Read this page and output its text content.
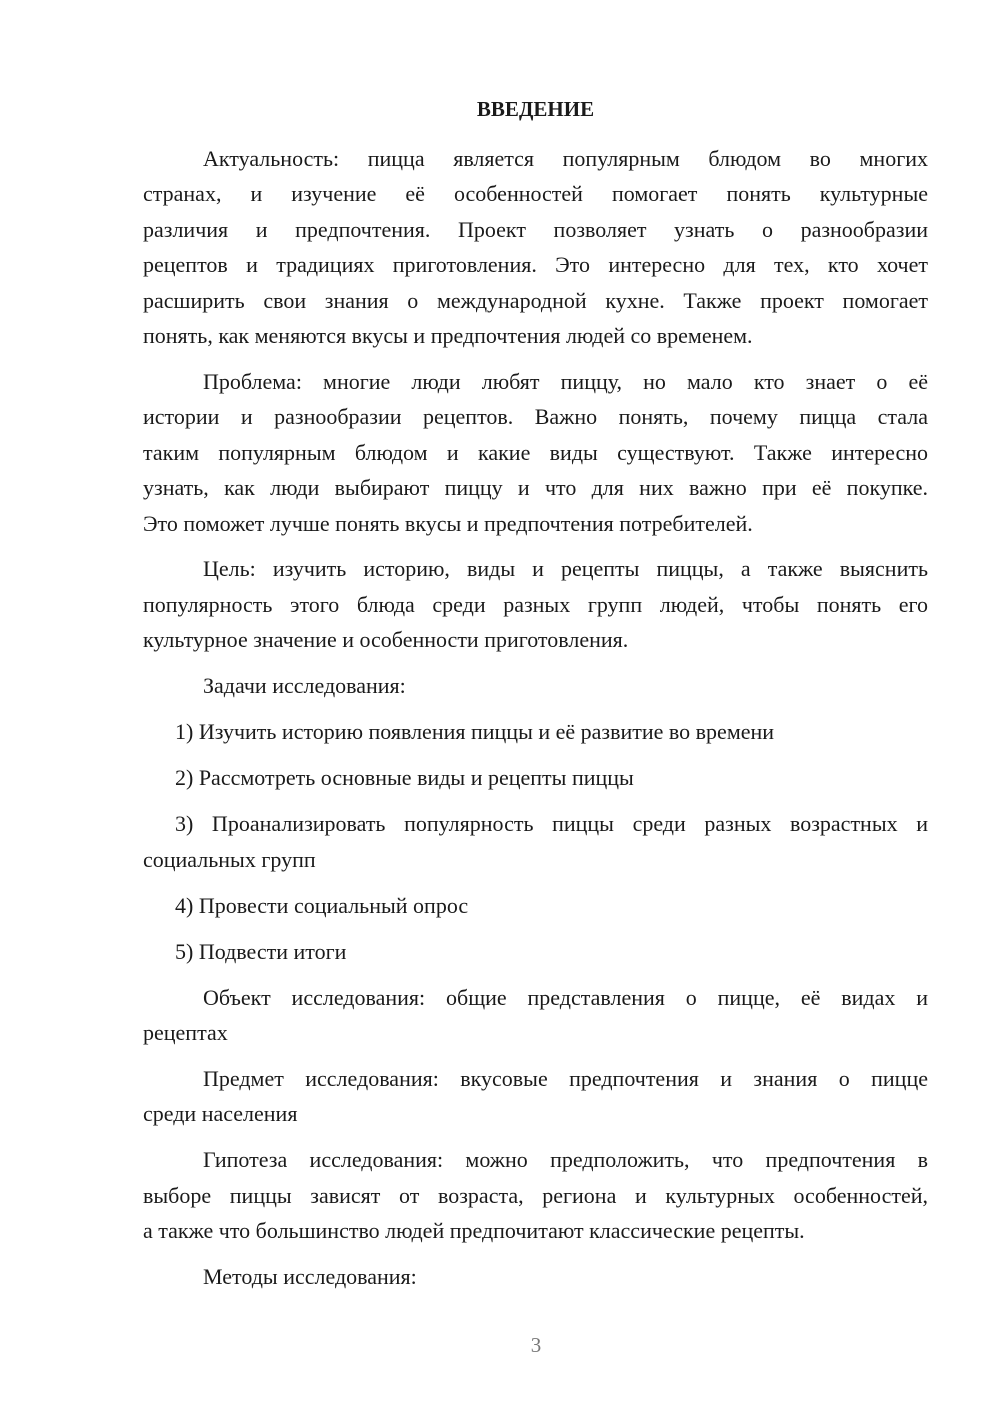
ВВЕДЕНИЕ
Актуальность: пицца является популярным блюдом во многих
странах, и изучение её особенностей помогает понять культурные
различия и предпочтения. Проект позволяет узнать о разнообразии
рецептов и традициях приготовления. Это интересно для тех, кто хочет
расширить свои знания о международной кухне. Также проект помогает
понять, как меняются вкусы и предпочтения людей со временем.
Проблема: многие люди любят пиццу, но мало кто знает о её
истории и разнообразии рецептов. Важно понять, почему пицца стала
таким популярным блюдом и какие виды существуют. Также интересно
узнать, как люди выбирают пиццу и что для них важно при её покупке.
Это поможет лучше понять вкусы и предпочтения потребителей.
Цель: изучить историю, виды и рецепты пиццы, а также выяснить
популярность этого блюда среди разных групп людей, чтобы понять его
культурное значение и особенности приготовления.
Задачи исследования:
1) Изучить историю появления пиццы и её развитие во времени
2) Рассмотреть основные виды и рецепты пиццы
3) Проанализировать популярность пиццы среди разных возрастных и
социальных групп
4) Провести социальный опрос
5) Подвести итоги
Объект исследования: общие представления о пицце, её видах и
рецептах
Предмет исследования: вкусовые предпочтения и знания о пицце
среди населения
Гипотеза исследования: можно предположить, что предпочтения в
выборе пиццы зависят от возраста, региона и культурных особенностей,
а также что большинство людей предпочитают классические рецепты.
Методы исследования:
3
